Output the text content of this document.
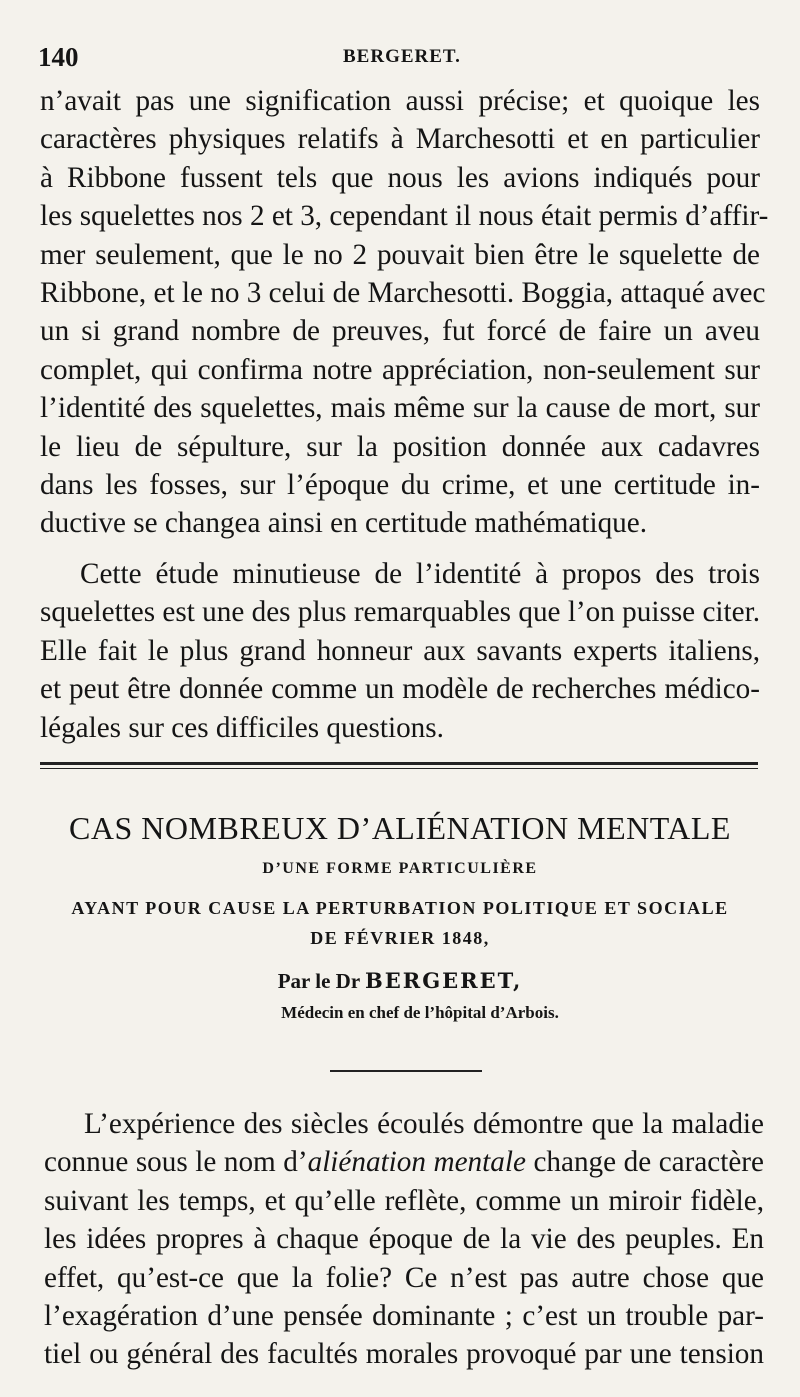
140	BERGERET.
n’avait pas une signification aussi précise; et quoique les
caractères physiques relatifs à Marchesotti et en particulier
à Ribbone fussent tels que nous les avions indiqués pour
les squelettes nos 2 et 3, cependant il nous était permis d’affir-
mer seulement, que le no 2 pouvait bien être le squelette de
Ribbone, et le no 3 celui de Marchesotti. Boggia, attaqué avec
un si grand nombre de preuves, fut forcé de faire un aveu
complet, qui confirma notre appréciation, non-seulement sur
l’identité des squelettes, mais même sur la cause de mort, sur
le lieu de sépulture, sur la position donnée aux cadavres
dans les fosses, sur l’époque du crime, et une certitude in-
ductive se changea ainsi en certitude mathématique.
Cette étude minutieuse de l’identité à propos des trois
squelettes est une des plus remarquables que l’on puisse citer.
Elle fait le plus grand honneur aux savants experts italiens,
et peut être donnée comme un modèle de recherches médico-
légales sur ces difficiles questions.
CAS NOMBREUX D’ALIÉNATION MENTALE
D’UNE FORME PARTICULIÈRE
AYANT POUR CAUSE LA PERTURBATION POLITIQUE ET SOCIALE
DE FÉVRIER 1848,
Par le Dr BERGERET,
Médecin en chef de l’hôpital d’Arbois.
L’expérience des siècles écoulés démontre que la maladie
connue sous le nom d’aliénation mentale change de caractère
suivant les temps, et qu’elle reflète, comme un miroir fidèle,
les idées propres à chaque époque de la vie des peuples. En
effet, qu’est-ce que la folie? Ce n’est pas autre chose que
l’exagération d’une pensée dominante ; c’est un trouble par-
tiel ou général des facultés morales provoqué par une tension
